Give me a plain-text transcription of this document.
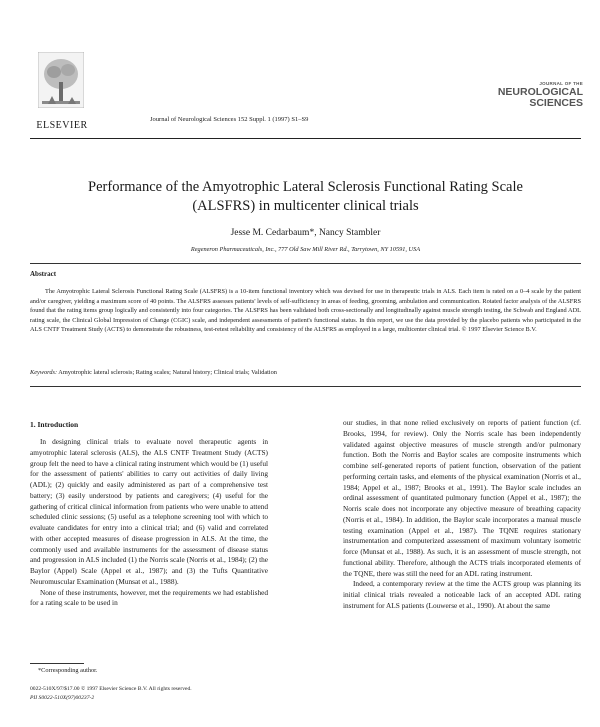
ELSEVIER
Journal of Neurological Sciences 152 Suppl. 1 (1997) S1–S9
JOURNAL OF THE
NEUROLOGICAL
SCIENCES
Performance of the Amyotrophic Lateral Sclerosis Functional Rating Scale
(ALSFRS) in multicenter clinical trials
Jesse M. Cedarbaum*, Nancy Stambler
Regeneron Pharmaceuticals, Inc., 777 Old Saw Mill River Rd., Tarrytown, NY 10591, USA
Abstract
The Amyotrophic Lateral Sclerosis Functional Rating Scale (ALSFRS) is a 10-item functional inventory which was devised for use in therapeutic trials in ALS. Each item is rated on a 0–4 scale by the patient and/or caregiver, yielding a maximum score of 40 points. The ALSFRS assesses patients' levels of self-sufficiency in areas of feeding, grooming, ambulation and communication. Rotated factor analysis of the ALSFRS found that the rating items group logically and consistently into four categories. The ALSFRS has been validated both cross-sectionally and longitudinally against muscle strength testing, the Schwab and England ADL rating scale, the Clinical Global Impression of Change (CGIC) scale, and independent assessments of patient's functional status. In this report, we use the data provided by the placebo patients who participated in the ALS CNTF Treatment Study (ACTS) to demonstrate the robustness, test-retest reliability and consistency of the ALSFRS as employed in a large, multicenter clinical trial. © 1997 Elsevier Science B.V.
Keywords: Amyotrophic lateral sclerosis; Rating scales; Natural history; Clinical trials; Validation
1. Introduction

In designing clinical trials to evaluate novel therapeutic agents in amyotrophic lateral sclerosis (ALS), the ALS CNTF Treatment Study (ACTS) group felt the need to have a clinical rating instrument which would be (1) useful for the assessment of patients' abilities to carry out activities of daily living (ADL); (2) quickly and easily administered as part of a comprehensive test battery; (3) easily understood by patients and caregivers; (4) useful for the gathering of critical clinical information from patients who were unable to attend scheduled clinic sessions; (5) useful as a telephone screening tool with which to evaluate candidates for entry into a clinical trial; and (6) valid and correlated with other accepted measures of disease progression in ALS. At the time, the commonly used and available instruments for the assessment of disease status and progression in ALS included (1) the Norris scale (Norris et al., 1984); (2) the Baylor (Appel) Scale (Appel et al., 1987); and (3) the Tufts Quantitative Neuromuscular Examination (Munsat et al., 1988).

None of these instruments, however, met the requirements we had established for a rating scale to be used in

our studies, in that none relied exclusively on reports of patient function (cf. Brooks, 1994, for review). Only the Norris scale has been independently validated against objective measures of muscle strength and/or pulmonary function. Both the Norris and Baylor scales are composite instruments which combine self-generated reports of patient function, observation of the patient performing certain tasks, and elements of the physical examination (Norris et al., 1984; Appel et al., 1987; Brooks et al., 1991). The Baylor scale includes an ordinal assessment of quantitated pulmonary function (Appel et al., 1987); the Norris scale does not incorporate any objective measure of breathing capacity (Norris et al., 1984). In addition, the Baylor scale incorporates a manual muscle testing examination (Appel et al., 1987). The TQNE requires stationary instrumentation and computerized assessment of maximum voluntary isometric force (Munsat et al., 1988). As such, it is an assessment of muscle strength, not functional ability. Therefore, although the ACTS trials incorporated elements of the TQNE, there was still the need for an ADL rating instrument.

Indeed, a contemporary review at the time the ACTS group was planning its initial clinical trials revealed a noticeable lack of an accepted ADL rating instrument for ALS patients (Louwerse et al., 1990). At about the same

*Corresponding author.
0022-510X/97/$17.00 © 1997 Elsevier Science B.V. All rights reserved.
PII S0022-510X(97)00237-2
